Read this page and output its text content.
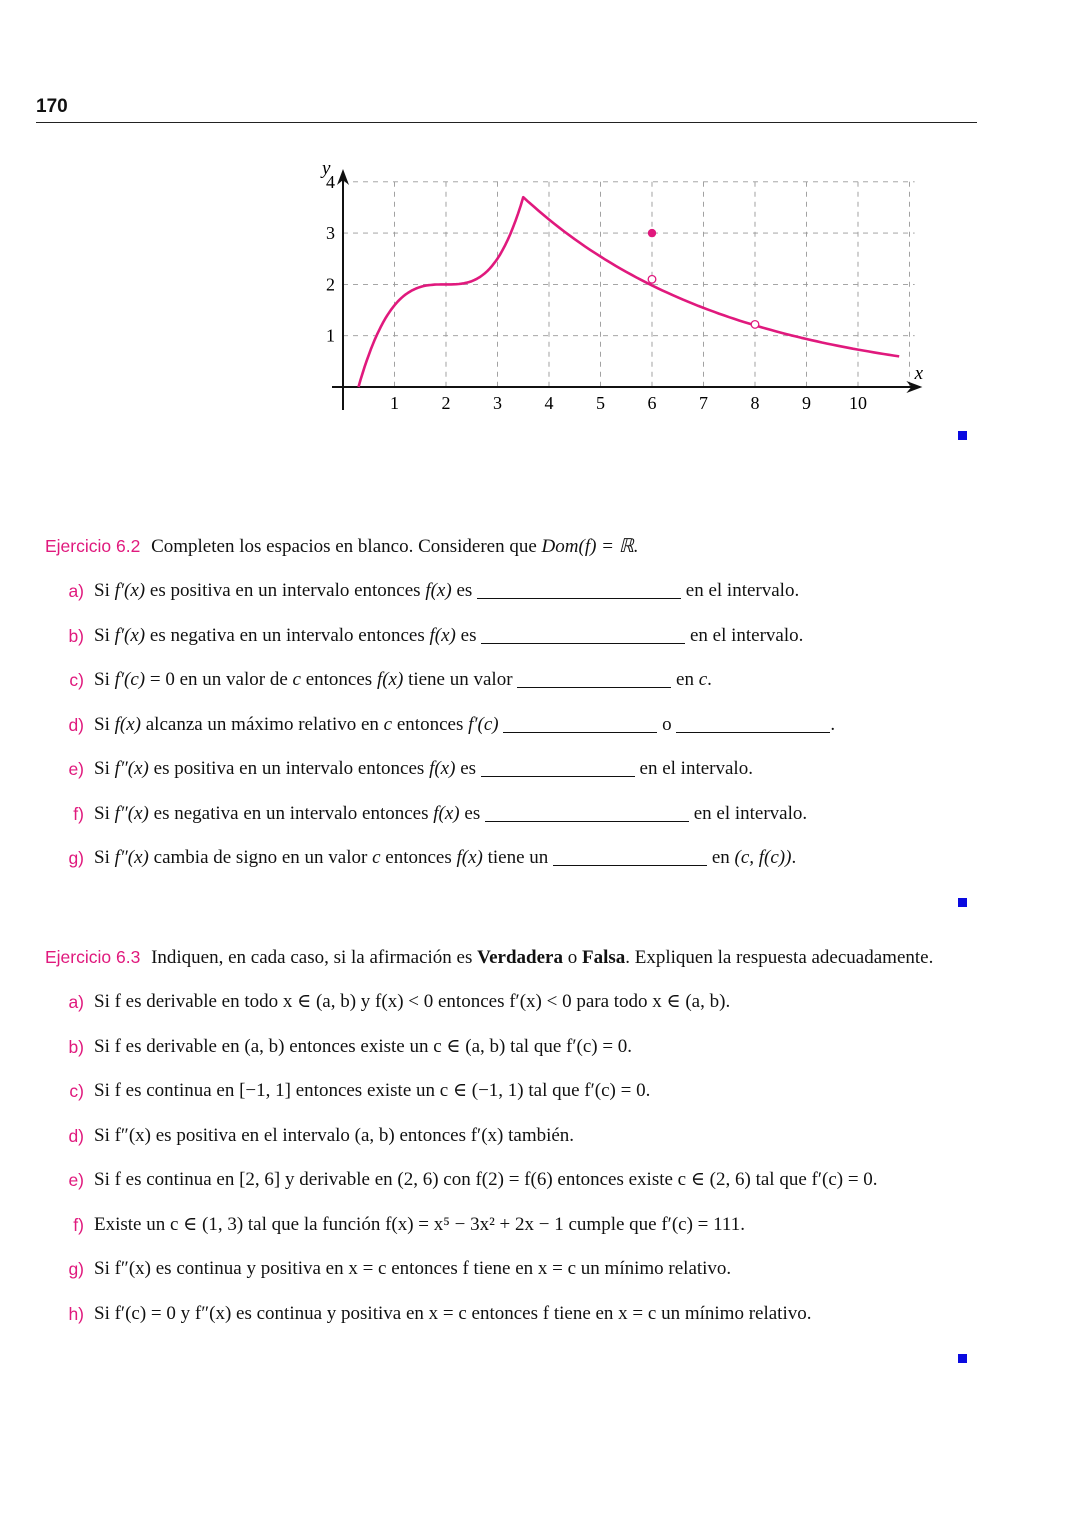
170
1 2 3 4 5 6 7 8 9 10
1
2
3
4
x
y
Ejercicio 6.2 Completen los espacios en blanco. Consideren que Dom(f) = ℝ.
a) Si f′(x) es positiva en un intervalo entonces f(x) es	en el intervalo.
b) Si f′(x) es negativa en un intervalo entonces f(x) es	en el intervalo.
c) Si f′(c) = 0 en un valor de c entonces f(x) tiene un valor	en c.
d) Si f(x) alcanza un máximo relativo en c entonces f′(c)	o	.
e) Si f″(x) es positiva en un intervalo entonces f(x) es	en el intervalo.
f) Si f″(x) es negativa en un intervalo entonces f(x) es	en el intervalo.
g) Si f″(x) cambia de signo en un valor c entonces f(x) tiene un	en (c, f(c)).
Ejercicio 6.3 Indiquen, en cada caso, si la afirmación es Verdadera o Falsa. Expliquen la respuesta adecuadamente.
a) Si f es derivable en todo x ∈ (a, b) y f(x) < 0 entonces f′(x) < 0 para todo x ∈ (a, b).
b) Si f es derivable en (a, b) entonces existe un c ∈ (a, b) tal que f′(c) = 0.
c) Si f es continua en [−1, 1] entonces existe un c ∈ (−1, 1) tal que f′(c) = 0.
d) Si f″(x) es positiva en el intervalo (a, b) entonces f′(x) también.
e) Si f es continua en [2, 6] y derivable en (2, 6) con f(2) = f(6) entonces existe c ∈ (2, 6) tal que f′(c) = 0.
f) Existe un c ∈ (1, 3) tal que la función f(x) = x⁵ − 3x² + 2x − 1 cumple que f′(c) = 111.
g) Si f″(x) es continua y positiva en x = c entonces f tiene en x = c un mínimo relativo.
h) Si f′(c) = 0 y f″(x) es continua y positiva en x = c entonces f tiene en x = c un mínimo relativo.
